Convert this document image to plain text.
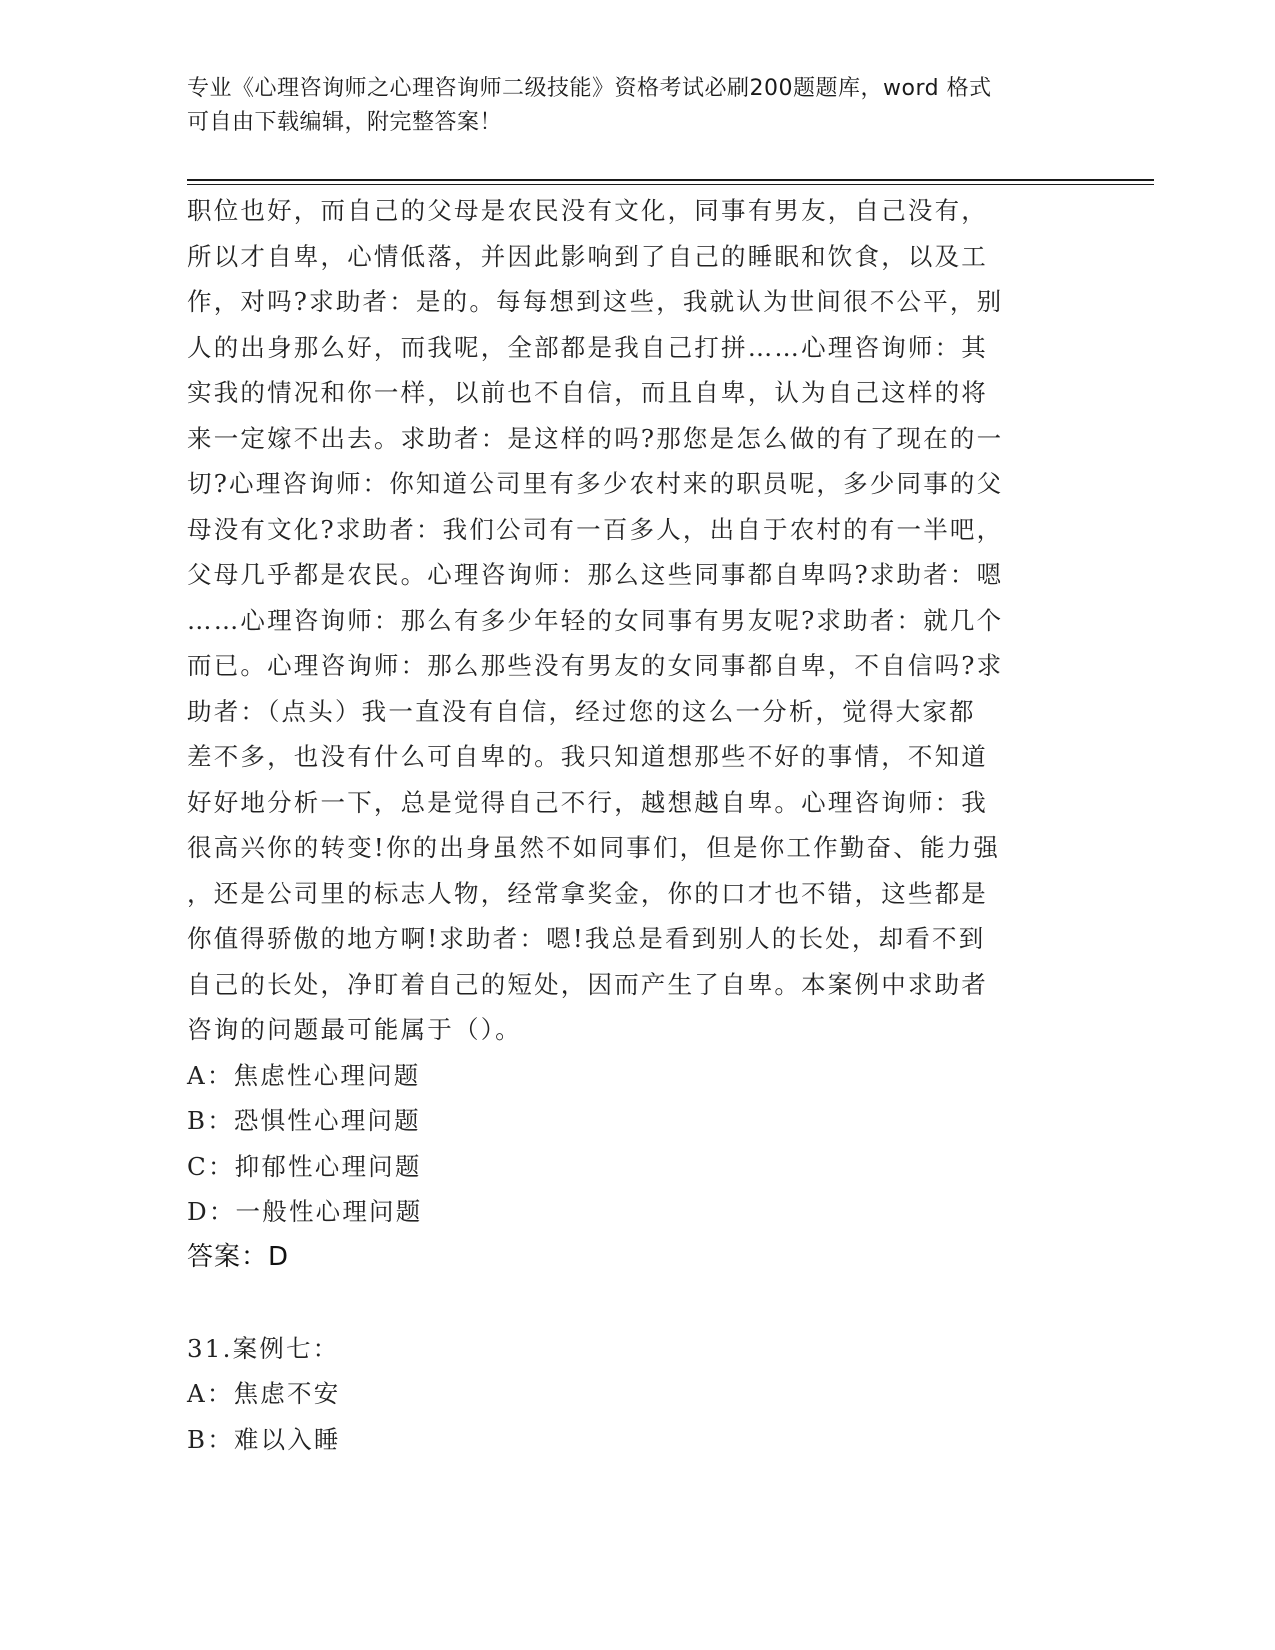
专业《心理咨询师之心理咨询师二级技能》资格考试必刷200题题库，word 格式
可自由下载编辑，附完整答案！
职位也好，而自己的父母是农民没有文化，同事有男友，自己没有，
所以才自卑，心情低落，并因此影响到了自己的睡眠和饮食，以及工
作，对吗?求助者：是的。每每想到这些，我就认为世间很不公平，别
人的出身那么好，而我呢，全部都是我自己打拼……心理咨询师：其
实我的情况和你一样，以前也不自信，而且自卑，认为自己这样的将
来一定嫁不出去。求助者：是这样的吗?那您是怎么做的有了现在的一
切?心理咨询师：你知道公司里有多少农村来的职员呢，多少同事的父
母没有文化?求助者：我们公司有一百多人，出自于农村的有一半吧，
父母几乎都是农民。心理咨询师：那么这些同事都自卑吗?求助者：嗯
……心理咨询师：那么有多少年轻的女同事有男友呢?求助者：就几个
而已。心理咨询师：那么那些没有男友的女同事都自卑，不自信吗?求
助者：（点头）我一直没有自信，经过您的这么一分析，觉得大家都
差不多，也没有什么可自卑的。我只知道想那些不好的事情，不知道
好好地分析一下，总是觉得自己不行，越想越自卑。心理咨询师：我
很高兴你的转变!你的出身虽然不如同事们，但是你工作勤奋、能力强
，还是公司里的标志人物，经常拿奖金，你的口才也不错，这些都是
你值得骄傲的地方啊!求助者：嗯!我总是看到别人的长处，却看不到
自己的长处，净盯着自己的短处，因而产生了自卑。本案例中求助者
咨询的问题最可能属于（）。
A：焦虑性心理问题
B：恐惧性心理问题
C：抑郁性心理问题
D：一般性心理问题
答案：D
31.案例七：
A：焦虑不安
B：难以入睡
